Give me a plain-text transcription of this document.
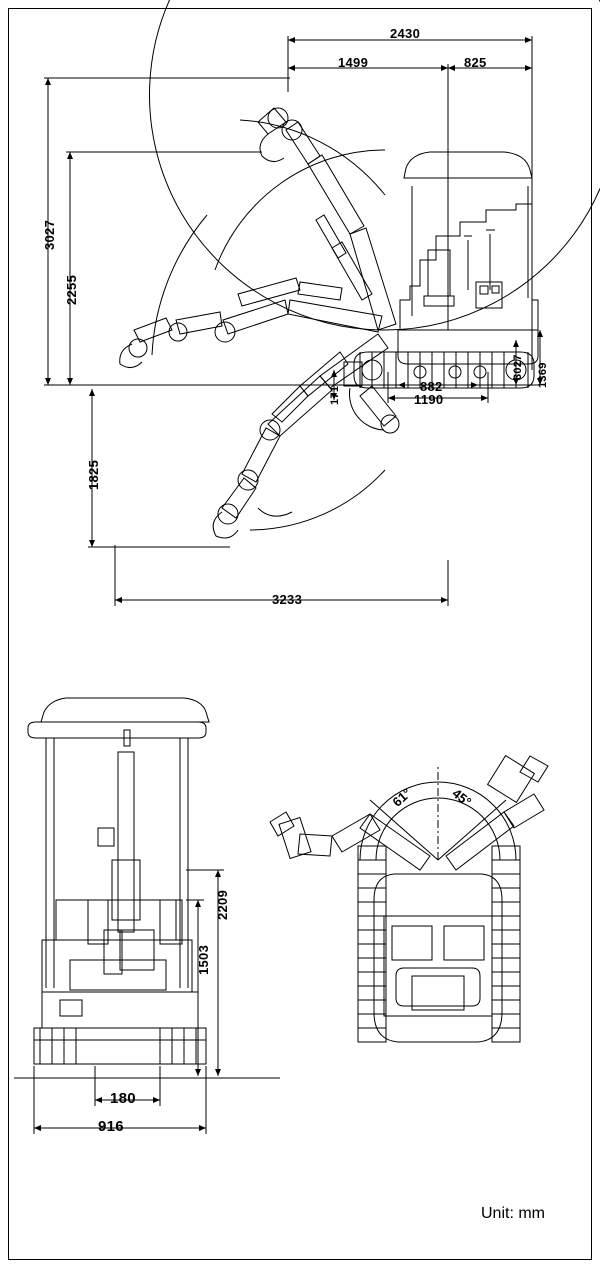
2430
1499	825
3027
2255
1825
3233
1190
882
3027
171
1369
2209
1503
180
916
61°	45°
Unit: mm
